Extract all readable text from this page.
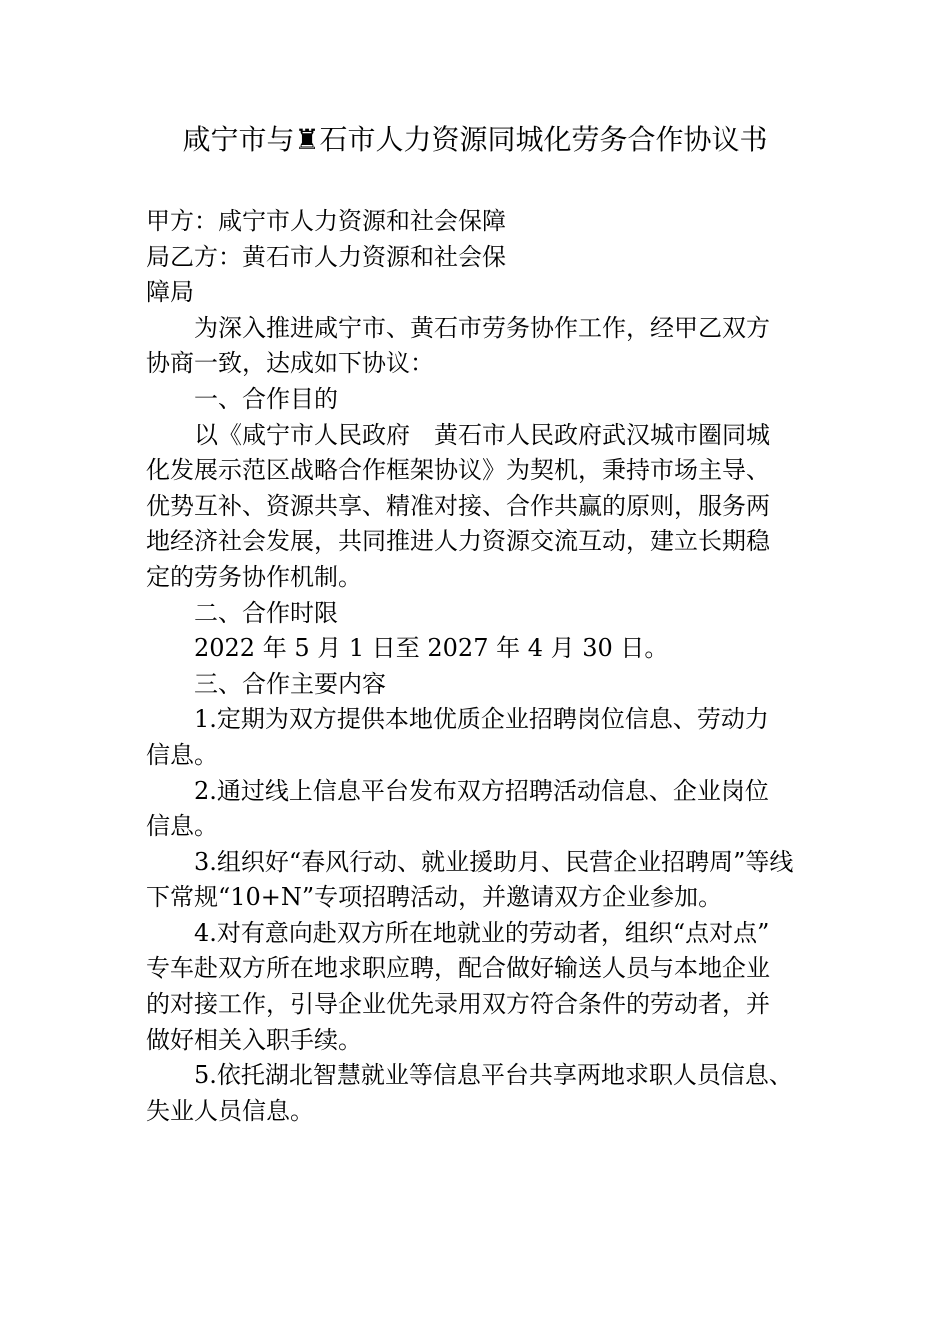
咸宁市与♜石市人力资源同城化劳务合作协议书
甲方：咸宁市人力资源和社会保障
局乙方：黄石市人力资源和社会保
障局
为深入推进咸宁市、黄石市劳务协作工作，经甲乙双方
协商一致，达成如下协议：
一、合作目的
以《咸宁市人民政府　黄石市人民政府武汉城市圈同城
化发展示范区战略合作框架协议》为契机，秉持市场主导、
优势互补、资源共享、精准对接、合作共赢的原则，服务两
地经济社会发展，共同推进人力资源交流互动，建立长期稳
定的劳务协作机制。
二、合作时限
2022 年 5 月 1 日至 2027 年 4 月 30 日。
三、合作主要内容
1.定期为双方提供本地优质企业招聘岗位信息、劳动力
信息。
2.通过线上信息平台发布双方招聘活动信息、企业岗位
信息。
3.组织好“春风行动、就业援助月、民营企业招聘周”等线
下常规“10+N”专项招聘活动，并邀请双方企业参加。
4.对有意向赴双方所在地就业的劳动者，组织“点对点”
专车赴双方所在地求职应聘，配合做好输送人员与本地企业
的对接工作，引导企业优先录用双方符合条件的劳动者，并
做好相关入职手续。
5.依托湖北智慧就业等信息平台共享两地求职人员信息、
失业人员信息。
